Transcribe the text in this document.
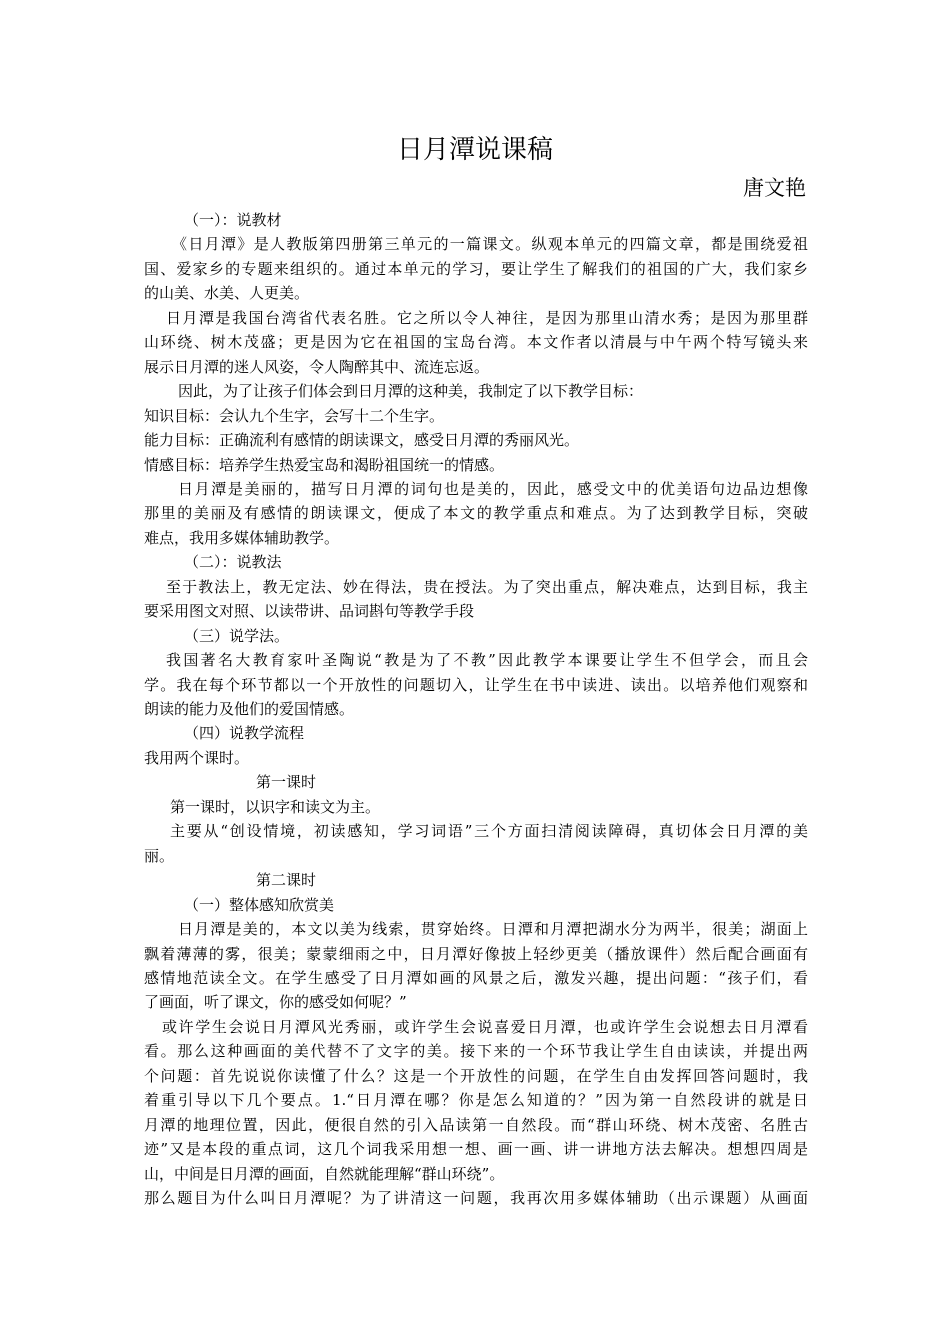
日月潭说课稿
唐文艳
（一）：说教材
《日月潭》是人教版第四册第三单元的一篇课文。纵观本单元的四篇文章，都是围绕爱祖
国、爱家乡的专题来组织的。通过本单元的学习，要让学生了解我们的祖国的广大，我们家乡
的山美、水美、人更美。
日月潭是我国台湾省代表名胜。它之所以令人神往，是因为那里山清水秀；是因为那里群
山环绕、树木茂盛；更是因为它在祖国的宝岛台湾。本文作者以清晨与中午两个特写镜头来
展示日月潭的迷人风姿，令人陶醉其中、流连忘返。
因此，为了让孩子们体会到日月潭的这种美，我制定了以下教学目标：
知识目标：会认九个生字，会写十二个生字。
能力目标：正确流利有感情的朗读课文，感受日月潭的秀丽风光。
情感目标：培养学生热爱宝岛和渴盼祖国统一的情感。
日月潭是美丽的，描写日月潭的词句也是美的，因此，感受文中的优美语句边品边想像
那里的美丽及有感情的朗读课文，便成了本文的教学重点和难点。为了达到教学目标，突破
难点，我用多媒体辅助教学。
（二）：说教法
至于教法上，教无定法、妙在得法，贵在授法。为了突出重点，解决难点，达到目标，我主
要采用图文对照、以读带讲、品词斟句等教学手段
（三）说学法。
我国著名大教育家叶圣陶说“教是为了不教”因此教学本课要让学生不但学会，而且会
学。我在每个环节都以一个开放性的问题切入，让学生在书中读进、读出。以培养他们观察和
朗读的能力及他们的爱国情感。
（四）说教学流程
我用两个课时。
第一课时
第一课时，以识字和读文为主。
主要从“创设情境，初读感知，学习词语”三个方面扫清阅读障碍，真切体会日月潭的美
丽。
第二课时
（一）整体感知欣赏美
日月潭是美的，本文以美为线索，贯穿始终。日潭和月潭把湖水分为两半，很美；湖面上
飘着薄薄的雾，很美；蒙蒙细雨之中，日月潭好像披上轻纱更美（播放课件）然后配合画面有
感情地范读全文。在学生感受了日月潭如画的风景之后，激发兴趣，提出问题：“孩子们，看
了画面，听了课文，你的感受如何呢？”
或许学生会说日月潭风光秀丽，或许学生会说喜爱日月潭，也或许学生会说想去日月潭看
看。那么这种画面的美代替不了文字的美。接下来的一个环节我让学生自由读读，并提出两
个问题：首先说说你读懂了什么？这是一个开放性的问题，在学生自由发挥回答问题时，我
着重引导以下几个要点。1.“日月潭在哪？你是怎么知道的？”因为第一自然段讲的就是日
月潭的地理位置，因此，便很自然的引入品读第一自然段。而“群山环绕、树木茂密、名胜古
迹”又是本段的重点词，这几个词我采用想一想、画一画、讲一讲地方法去解决。想想四周是
山，中间是日月潭的画面，自然就能理解“群山环绕”。
那么题目为什么叫日月潭呢？为了讲清这一问题，我再次用多媒体辅助（出示课题）从画面
